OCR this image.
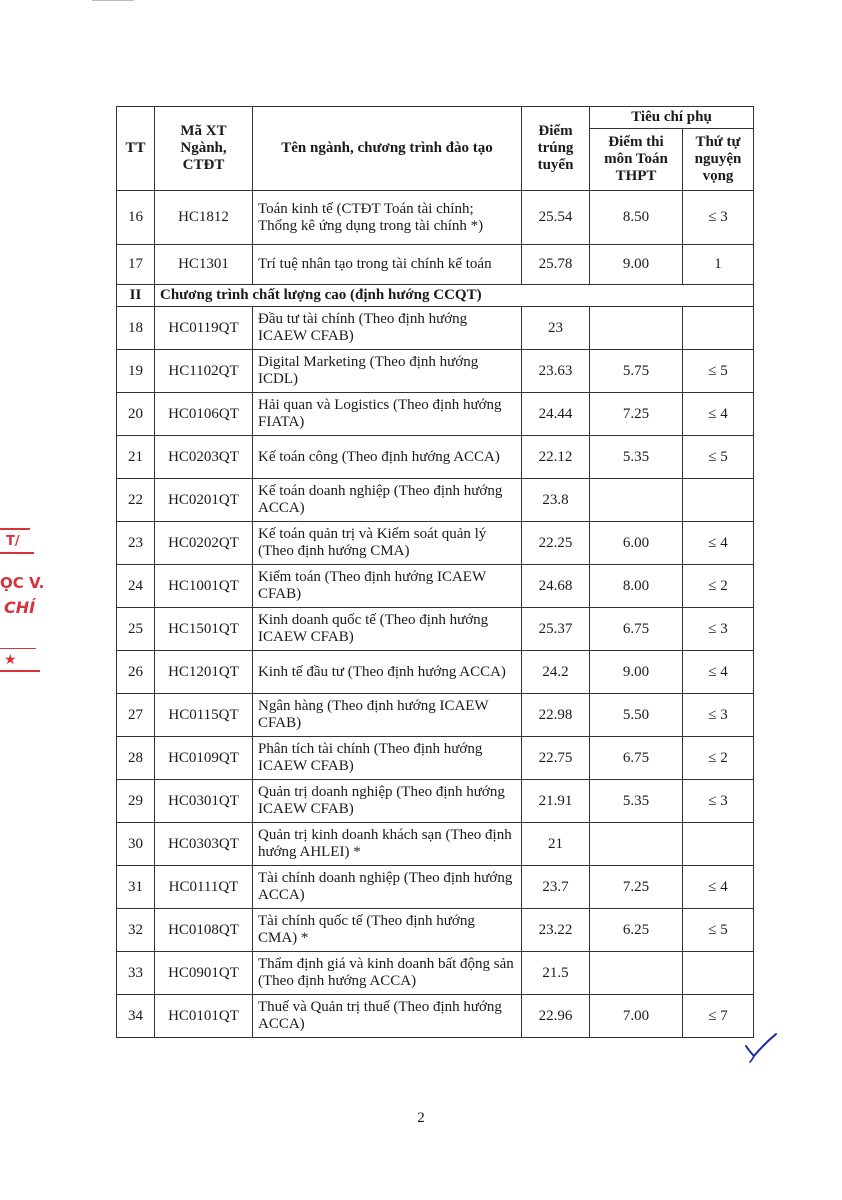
TT	Mã XT Ngành, CTĐT	Tên ngành, chương trình đào tạo	Điểm trúng tuyển	Tiêu chí phụ	
				Điểm thi môn Toán THPT	Thứ tự nguyện vọng
16	HC1812	Toán kinh tế (CTĐT Toán tài chính; Thống kê ứng dụng trong tài chính *)	25.54	8.50	≤ 3
17	HC1301	Trí tuệ nhân tạo trong tài chính kế toán	25.78	9.00	1
II	Chương trình chất lượng cao (định hướng CCQT)				
18	HC0119QT	Đầu tư tài chính (Theo định hướng ICAEW CFAB)	23		
19	HC1102QT	Digital Marketing (Theo định hướng ICDL)	23.63	5.75	≤ 5
20	HC0106QT	Hải quan và Logistics (Theo định hướng FIATA)	24.44	7.25	≤ 4
21	HC0203QT	Kế toán công (Theo định hướng ACCA)	22.12	5.35	≤ 5
22	HC0201QT	Kế toán doanh nghiệp (Theo định hướng ACCA)	23.8		
23	HC0202QT	Kế toán quản trị và Kiểm soát quản lý (Theo định hướng CMA)	22.25	6.00	≤ 4
24	HC1001QT	Kiểm toán (Theo định hướng ICAEW CFAB)	24.68	8.00	≤ 2
25	HC1501QT	Kinh doanh quốc tế (Theo định hướng ICAEW CFAB)	25.37	6.75	≤ 3
26	HC1201QT	Kinh tế đầu tư (Theo định hướng ACCA)	24.2	9.00	≤ 4
27	HC0115QT	Ngân hàng (Theo định hướng ICAEW CFAB)	22.98	5.50	≤ 3
28	HC0109QT	Phân tích tài chính (Theo định hướng ICAEW CFAB)	22.75	6.75	≤ 2
29	HC0301QT	Quản trị doanh nghiệp (Theo định hướng ICAEW CFAB)	21.91	5.35	≤ 3
30	HC0303QT	Quản trị kinh doanh khách sạn (Theo định hướng AHLEI) *	21		
31	HC0111QT	Tài chính doanh nghiệp (Theo định hướng ACCA)	23.7	7.25	≤ 4
32	HC0108QT	Tài chính quốc tế (Theo định hướng CMA) *	23.22	6.25	≤ 5
33	HC0901QT	Thẩm định giá và kinh doanh bất động sản (Theo định hướng ACCA)	21.5		
34	HC0101QT	Thuế và Quản trị thuế (Theo định hướng ACCA)	22.96	7.00	≤ 7
T/
ỌC V.
CHÍ
★
2
